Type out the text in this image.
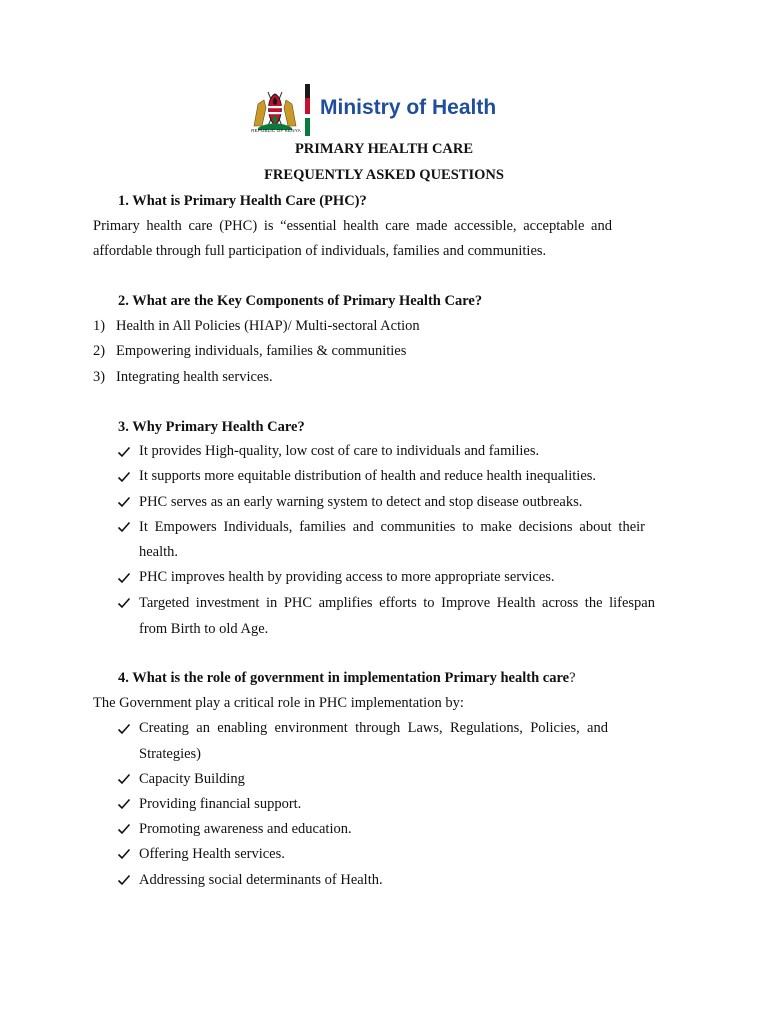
REPUBLIC OF KENYA
Ministry of Health
PRIMARY HEALTH CARE
FREQUENTLY ASKED QUESTIONS
1. What is Primary Health Care (PHC)?
Primary health care (PHC) is “essential health care made accessible, acceptable and
affordable through full participation of individuals, families and communities.
2. What are the Key Components of Primary Health Care?
1) Health in All Policies (HIAP)/ Multi-sectoral Action
2) Empowering individuals, families & communities
3) Integrating health services.
3. Why Primary Health Care?
It provides High-quality, low cost of care to individuals and families.
It supports more equitable distribution of health and reduce health inequalities.
PHC serves as an early warning system to detect and stop disease outbreaks.
It Empowers Individuals, families and communities to make decisions about their
health.
PHC improves health by providing access to more appropriate services.
Targeted investment in PHC amplifies efforts to Improve Health across the lifespan
from Birth to old Age.
4. What is the role of government in implementation Primary health care?
The Government play a critical role in PHC implementation by:
Creating an enabling environment through Laws, Regulations, Policies, and
Strategies)
Capacity Building
Providing financial support.
Promoting awareness and education.
Offering Health services.
Addressing social determinants of Health.
